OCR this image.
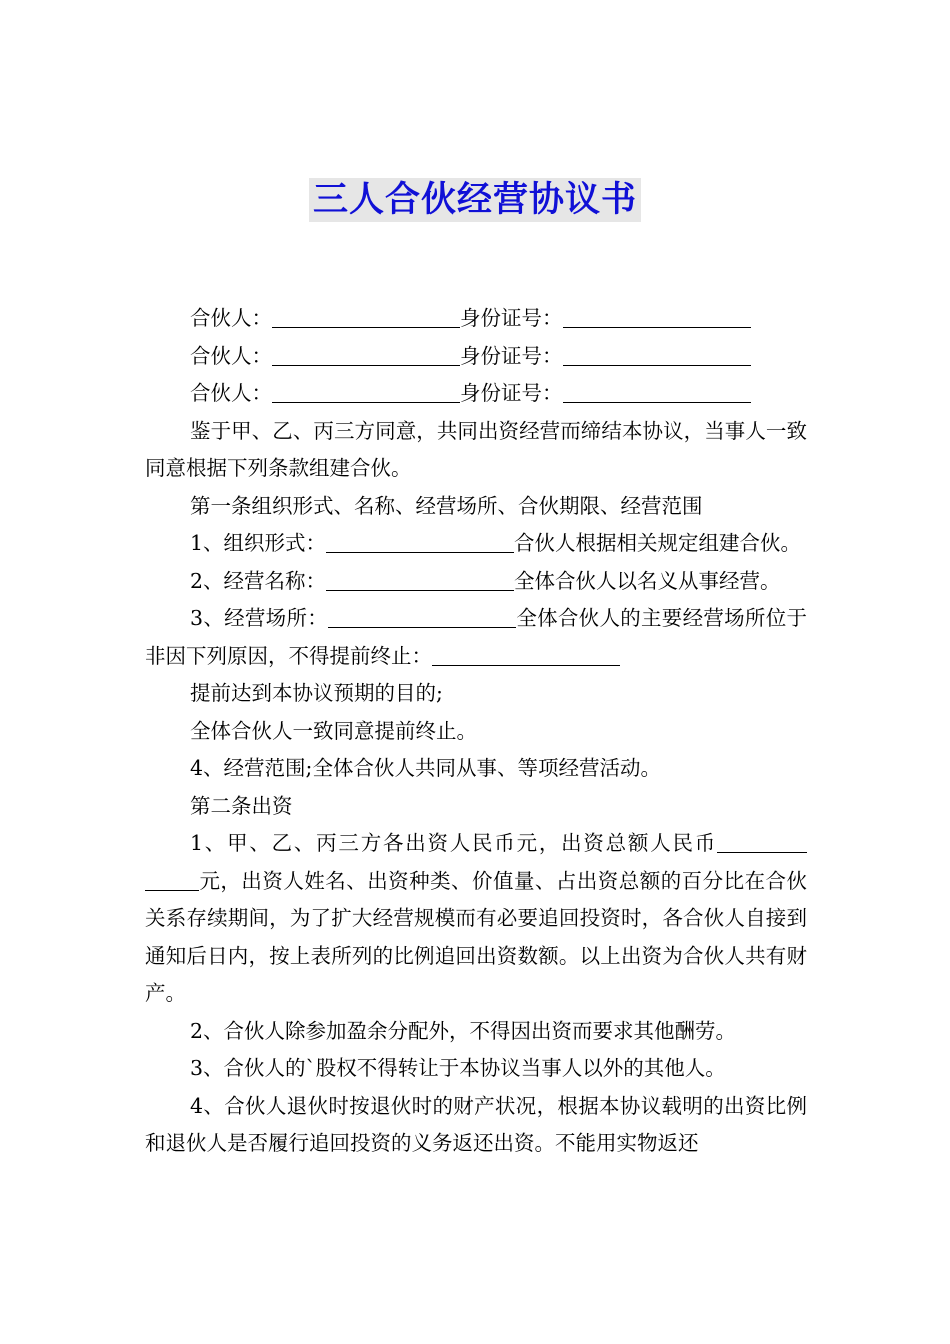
三人合伙经营协议书

合伙人：	身份证号：

合伙人：	身份证号：

合伙人：	身份证号：

鉴于甲、乙、丙三方同意，共同出资经营而缔结本协议，当事人一致同意根据下列条款组建合伙。

第一条组织形式、名称、经营场所、合伙期限、经营范围

1、组织形式：	合伙人根据相关规定组建合伙。

2、经营名称：	全体合伙人以名义从事经营。

3、经营场所：	全体合伙人的主要经营场所位于非因下列原因，不得提前终止：

提前达到本协议预期的目的;

全体合伙人一致同意提前终止。

4、经营范围;全体合伙人共同从事、等项经营活动。

第二条出资

1、甲、乙、丙三方各出资人民币元，出资总额人民币元，出资人姓名、出资种类、价值量、占出资总额的百分比在合伙关系存续期间，为了扩大经营规模而有必要追回投资时，各合伙人自接到通知后日内，按上表所列的比例追回出资数额。以上出资为合伙人共有财产。

2、合伙人除参加盈余分配外，不得因出资而要求其他酬劳。

3、合伙人的`股权不得转让于本协议当事人以外的其他人。

4、合伙人退伙时按退伙时的财产状况，根据本协议载明的出资比例和退伙人是否履行追回投资的义务返还出资。不能用实物返还
